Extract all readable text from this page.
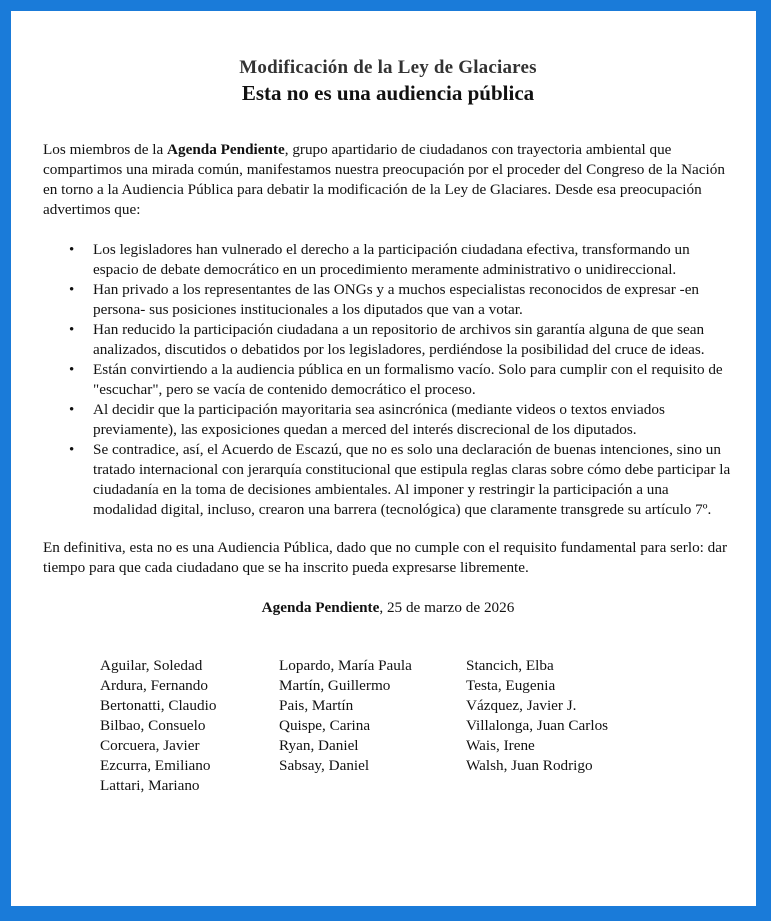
Modificación de la Ley de Glaciares
Esta no es una audiencia pública

Los miembros de la Agenda Pendiente, grupo apartidario de ciudadanos con trayectoria ambiental que compartimos una mirada común, manifestamos nuestra preocupación por el proceder del Congreso de la Nación en torno a la Audiencia Pública para debatir la modificación de la Ley de Glaciares. Desde esa preocupación advertimos que:

• Los legisladores han vulnerado el derecho a la participación ciudadana efectiva, transformando un espacio de debate democrático en un procedimiento meramente administrativo o unidireccional.
• Han privado a los representantes de las ONGs y a muchos especialistas reconocidos de expresar -en persona- sus posiciones institucionales a los diputados que van a votar.
• Han reducido la participación ciudadana a un repositorio de archivos sin garantía alguna de que sean analizados, discutidos o debatidos por los legisladores, perdiéndose la posibilidad del cruce de ideas.
• Están convirtiendo a la audiencia pública en un formalismo vacío. Solo para cumplir con el requisito de "escuchar", pero se vacía de contenido democrático el proceso.
• Al decidir que la participación mayoritaria sea asincrónica (mediante videos o textos enviados previamente), las exposiciones quedan a merced del interés discrecional de los diputados.
• Se contradice, así, el Acuerdo de Escazú, que no es solo una declaración de buenas intenciones, sino un tratado internacional con jerarquía constitucional que estipula reglas claras sobre cómo debe participar la ciudadanía en la toma de decisiones ambientales. Al imponer y restringir la participación a una modalidad digital, incluso, crearon una barrera (tecnológica) que claramente transgrede su artículo 7º.

En definitiva, esta no es una Audiencia Pública, dado que no cumple con el requisito fundamental para serlo: dar tiempo para que cada ciudadano que se ha inscrito pueda expresarse libremente.

Agenda Pendiente, 25 de marzo de 2026

Aguilar, Soledad
Ardura, Fernando
Bertonatti, Claudio
Bilbao, Consuelo
Corcuera, Javier
Ezcurra, Emiliano
Lattari, Mariano
Lopardo, María Paula
Martín, Guillermo
Pais, Martín
Quispe, Carina
Ryan, Daniel
Sabsay, Daniel
Stancich, Elba
Testa, Eugenia
Vázquez, Javier J.
Villalonga, Juan Carlos
Wais, Irene
Walsh, Juan Rodrigo
